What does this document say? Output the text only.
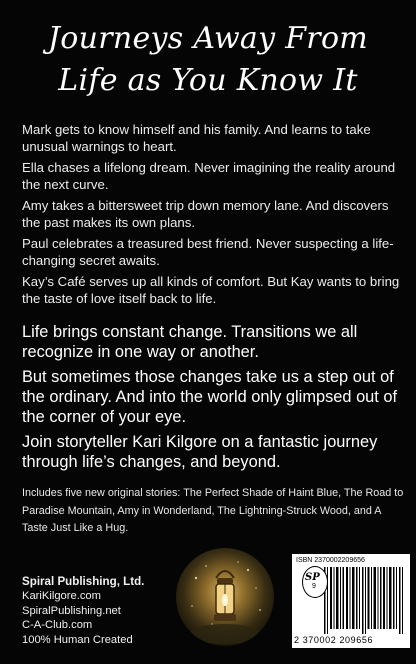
Journeys Away From
Life as You Know It
Mark gets to know himself and his family. And learns to take unusual warnings to heart.
Ella chases a lifelong dream. Never imagining the reality around the next curve.
Amy takes a bittersweet trip down memory lane. And discovers the past makes its own plans.
Paul celebrates a treasured best friend. Never suspecting a life-changing secret awaits.
Kay’s Café serves up all kinds of comfort. But Kay wants to bring the taste of love itself back to life.
Life brings constant change. Transitions we all recognize in one way or another.
But sometimes those changes take us a step out of the ordinary. And into the world only glimpsed out of the corner of your eye.
Join storyteller Kari Kilgore on a fantastic journey through life’s changes, and beyond.
Includes five new original stories: The Perfect Shade of Haint Blue, The Road to Paradise Mountain, Amy in Wonderland, The Lightning-Struck Wood, and A Taste Just Like a Hug.
Spiral Publishing, Ltd.
KariKilgore.com
SpiralPublishing.net
C-A-Club.com
100% Human Created
ISBN 2370002209656
2 370002 209656
SP
9
